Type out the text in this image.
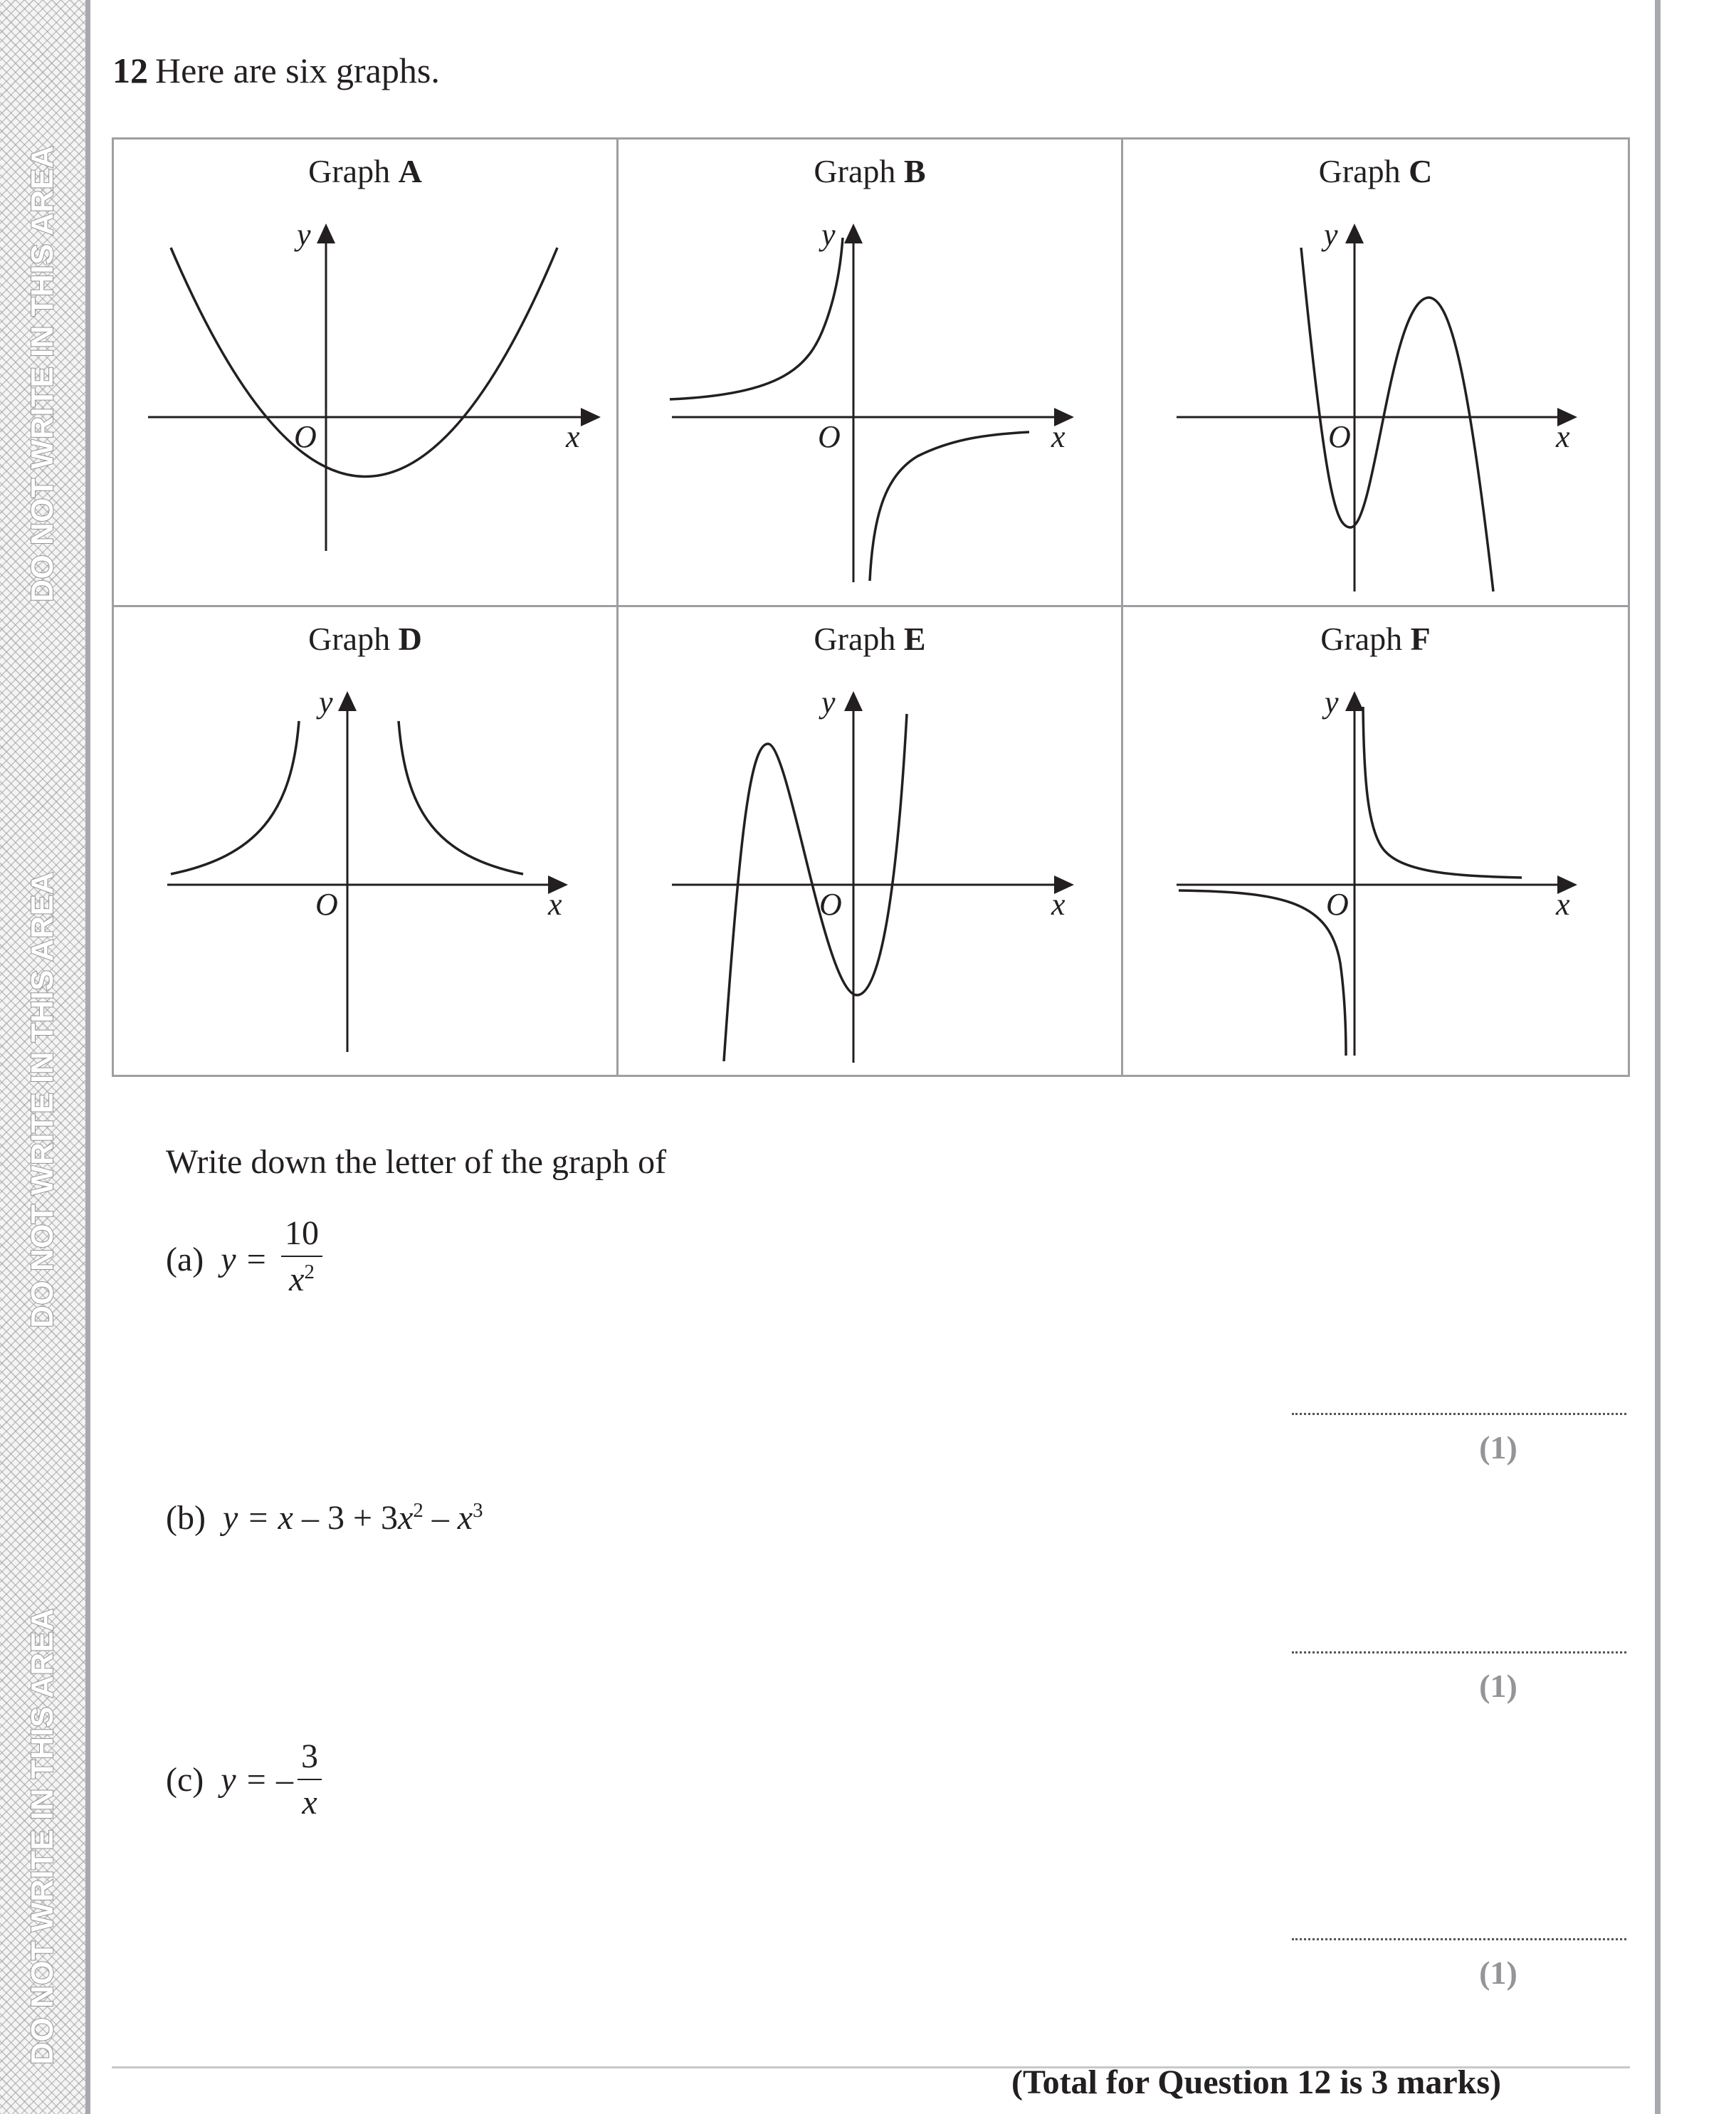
DO NOT WRITE IN THIS AREA
DO NOT WRITE IN THIS AREA
DO NOT WRITE IN THIS AREA
12 Here are six graphs.
Graph A
y
O	x
Graph B
y
O	x
Graph C
y
O	x
Graph D
y
O	x
Graph E
y
O	x
Graph F
y
O	x
Write down the letter of the graph of
(a) y =
10
$x^2$
(1)
(b) $y = x - 3 + 3x^2 - x^3$
(1)
(c) y = –
3
x
(1)
(Total for Question 12 is 3 marks)
